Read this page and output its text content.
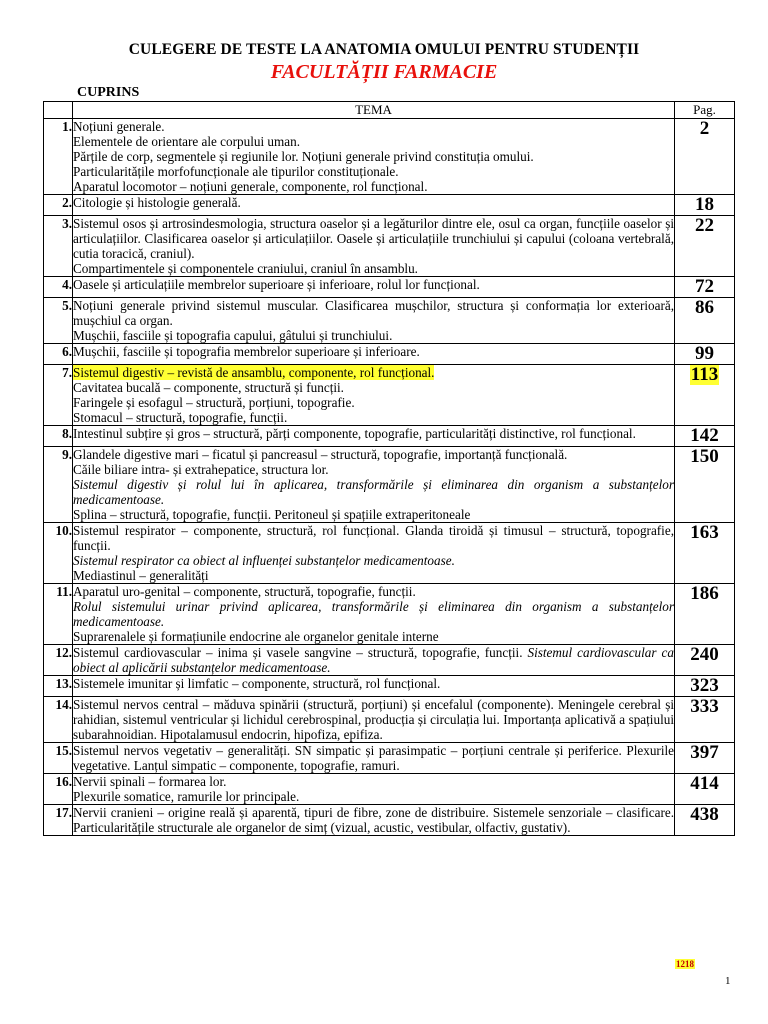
CULEGERE DE TESTE LA ANATOMIA OMULUI PENTRU STUDENȚII
FACULTĂȚII FARMACIE
CUPRINS
	TEMA	Pag.
1.	Noțiuni generale.
Elementele de orientare ale corpului uman.
Părțile de corp, segmentele și regiunile lor. Noțiuni generale privind constituția omului.
Particularitățile morfofuncționale ale tipurilor constituționale.
Aparatul locomotor – noțiuni generale, componente, rol funcțional.	2
2.	Citologie și histologie generală.	18
3.	Sistemul osos și artrosindesmologia, structura oaselor și a legăturilor dintre ele, osul ca organ, funcțiile oaselor și articulațiilor. Clasificarea oaselor și articulațiilor. Oasele și articulațiile trunchiului și capului (coloana vertebrală, cutia toracică, craniul).
Compartimentele și componentele craniului, craniul în ansamblu.	22
4.	Oasele și articulațiile membrelor superioare și inferioare, rolul lor funcțional.	72
5.	Noțiuni generale privind sistemul muscular. Clasificarea mușchilor, structura și conformația lor exterioară, mușchiul ca organ.
Mușchii, fasciile și topografia capului, gâtului și trunchiului.	86
6.	Mușchii, fasciile și topografia membrelor superioare și inferioare.	99
7.	Sistemul digestiv – revistă de ansamblu, componente, rol funcțional.
Cavitatea bucală – componente, structură și funcții.
Faringele și esofagul – structură, porțiuni, topografie.
Stomacul – structură, topografie, funcții.	113
8.	Intestinul subțire și gros – structură, părți componente, topografie, particularități distinctive, rol funcțional.	142
9.	Glandele digestive mari – ficatul și pancreasul – structură, topografie, importanță funcțională.
Căile biliare intra- și extrahepatice, structura lor.
Sistemul digestiv și rolul lui în aplicarea, transformările și eliminarea din organism a substanțelor medicamentoase.
Splina – structură, topografie, funcții. Peritoneul și spațiile extraperitoneale	150
10.	Sistemul respirator – componente, structură, rol funcțional. Glanda tiroidă și timusul – structură, topografie, funcții.
Sistemul respirator ca obiect al influenței substanțelor medicamentoase.
Mediastinul – generalități	163
11.	Aparatul uro-genital – componente, structură, topografie, funcții.
Rolul sistemului urinar privind aplicarea, transformările și eliminarea din organism a substanțelor medicamentoase.
Suprarenalele și formațiunile endocrine ale organelor genitale interne	186
12.	Sistemul cardiovascular – inima și vasele sangvine – structură, topografie, funcții. Sistemul cardiovascular ca obiect al aplicării substanțelor medicamentoase.	240
13.	Sistemele imunitar și limfatic – componente, structură, rol funcțional.	323
14.	Sistemul nervos central – măduva spinării (structură, porțiuni) și encefalul (componente). Meningele cerebral și rahidian, sistemul ventricular și lichidul cerebrospinal, producția și circulația lui. Importanța aplicativă a spațiului subarahnoidian. Hipotalamusul endocrin, hipofiza, epifiza.	333
15.	Sistemul nervos vegetativ – generalități. SN simpatic și parasimpatic – porțiuni centrale și periferice. Plexurile vegetative. Lanțul simpatic – componente, topografie, ramuri.	397
16.	Nervii spinali – formarea lor.
Plexurile somatice, ramurile lor principale.	414
17.	Nervii cranieni – origine reală și aparentă, tipuri de fibre, zone de distribuire. Sistemele senzoriale – clasificare. Particularitățile structurale ale organelor de simț (vizual, acustic, vestibular, olfactiv, gustativ).	438
1218
1
